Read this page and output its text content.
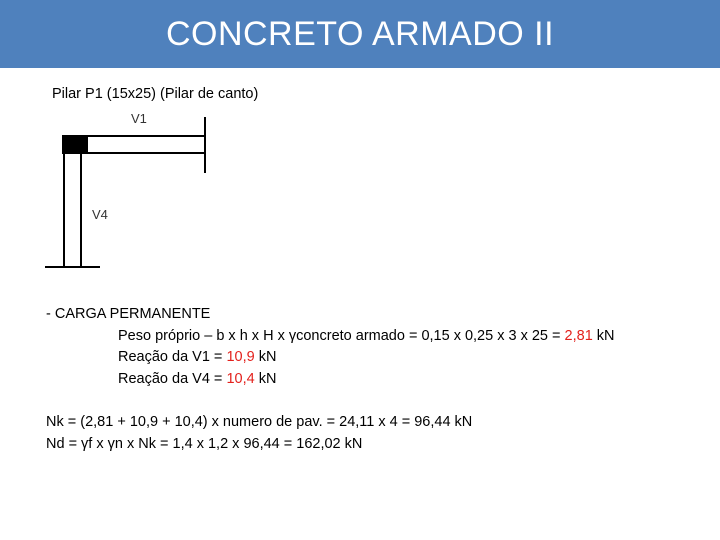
CONCRETO ARMADO II
Pilar P1 (15x25) (Pilar de canto)
V1
V4
- CARGA PERMANENTE
Peso próprio – b x h x H x γconcreto armado = 0,15 x 0,25 x 3 x 25 = 2,81 kN
Reação da V1 = 10,9 kN
Reação da V4 = 10,4 kN
Nk = (2,81 + 10,9 + 10,4) x numero de pav. = 24,11 x 4 = 96,44 kN
Nd = γf x γn x Nk = 1,4 x 1,2 x 96,44 = 162,02 kN
